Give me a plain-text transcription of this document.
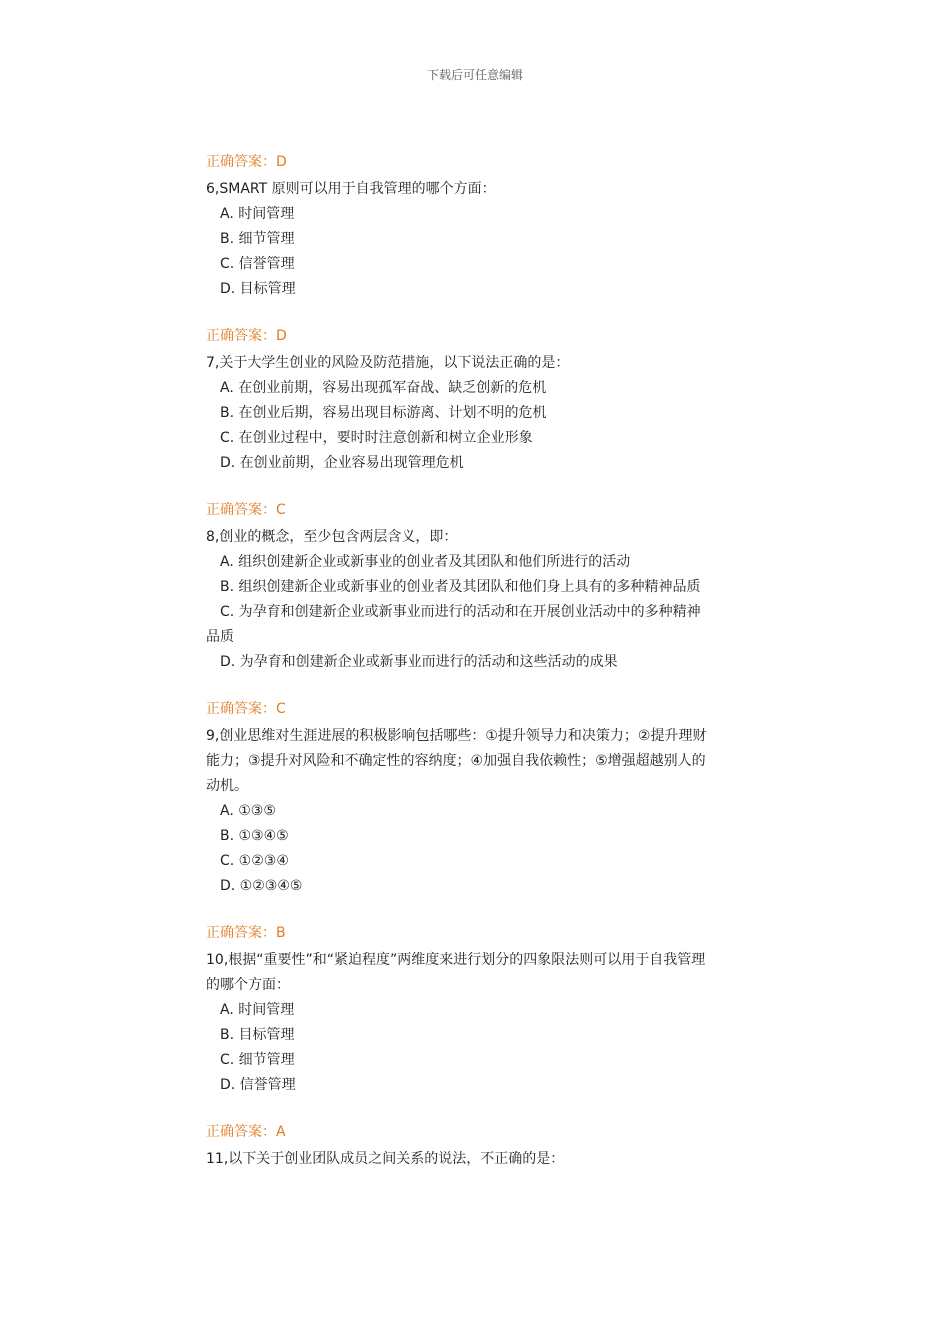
下载后可任意编辑
正确答案：D
6,SMART 原则可以用于自我管理的哪个方面：
A. 时间管理
B. 细节管理
C. 信誉管理
D. 目标管理
正确答案：D
7,关于大学生创业的风险及防范措施，以下说法正确的是：
A. 在创业前期，容易出现孤军奋战、缺乏创新的危机
B. 在创业后期，容易出现目标游离、计划不明的危机
C. 在创业过程中，要时时注意创新和树立企业形象
D. 在创业前期，企业容易出现管理危机
正确答案：C
8,创业的概念，至少包含两层含义，即：
A. 组织创建新企业或新事业的创业者及其团队和他们所进行的活动
B. 组织创建新企业或新事业的创业者及其团队和他们身上具有的多种精神品质
C. 为孕育和创建新企业或新事业而进行的活动和在开展创业活动中的多种精神品质
D. 为孕育和创建新企业或新事业而进行的活动和这些活动的成果
正确答案：C
9,创业思维对生涯进展的积极影响包括哪些：①提升领导力和决策力；②提升理财能力；③提升对风险和不确定性的容纳度；④加强自我依赖性；⑤增强超越别人的动机。
A. ①③⑤
B. ①③④⑤
C. ①②③④
D. ①②③④⑤
正确答案：B
10,根据“重要性”和“紧迫程度”两维度来进行划分的四象限法则可以用于自我管理的哪个方面：
A. 时间管理
B. 目标管理
C. 细节管理
D. 信誉管理
正确答案：A
11,以下关于创业团队成员之间关系的说法，不正确的是：
